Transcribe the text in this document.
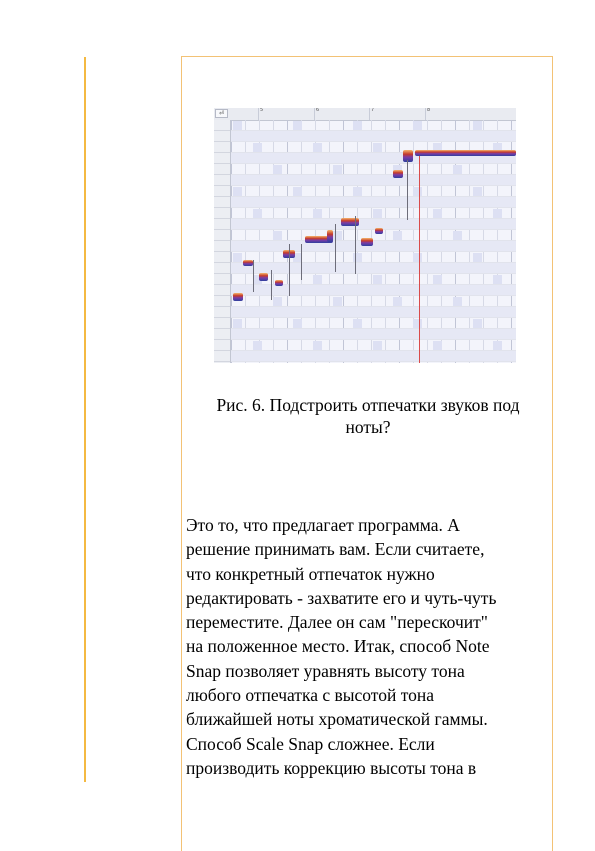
⏎	5	6	7	8
Рис. 6. Подстроить отпечатки звуков под
ноты?
Это то, что предлагает программа. А
решение принимать вам. Если считаете,
что конкретный отпечаток нужно
редактировать - захватите его и чуть-чуть
переместите. Далее он сам "перескочит"
на положенное место. Итак, способ Note
Snap позволяет уравнять высоту тона
любого отпечатка с высотой тона
ближайшей ноты хроматической гаммы.
Способ Scale Snap сложнее. Если
производить коррекцию высоты тона в
